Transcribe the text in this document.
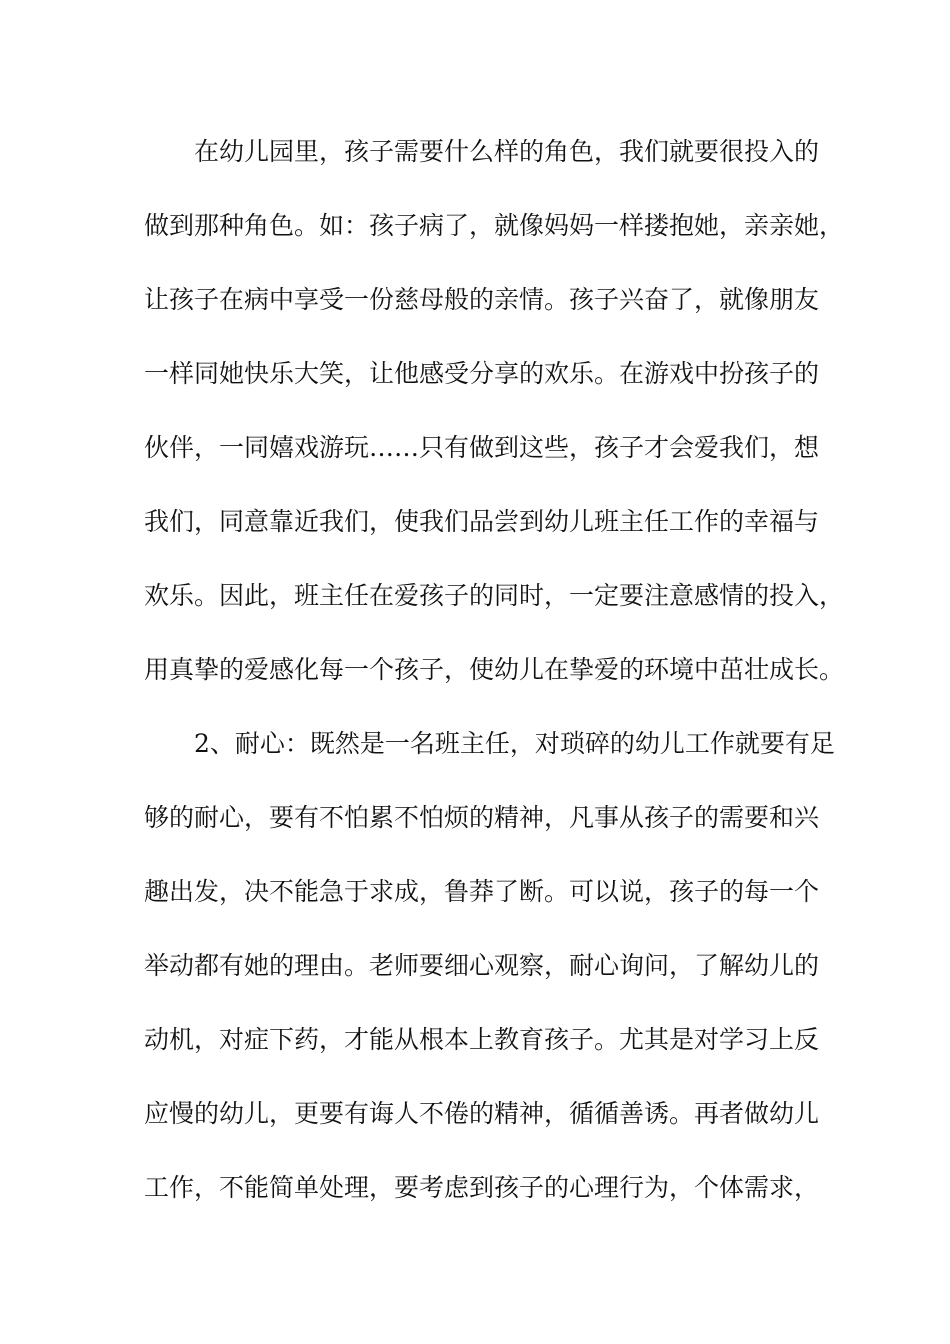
在幼儿园里，孩子需要什么样的角色，我们就要很投入的
做到那种角色。如：孩子病了，就像妈妈一样搂抱她，亲亲她，
让孩子在病中享受一份慈母般的亲情。孩子兴奋了，就像朋友
一样同她快乐大笑，让他感受分享的欢乐。在游戏中扮孩子的
伙伴，一同嬉戏游玩……只有做到这些，孩子才会爱我们，想
我们，同意靠近我们，使我们品尝到幼儿班主任工作的幸福与
欢乐。因此，班主任在爱孩子的同时，一定要注意感情的投入，
用真挚的爱感化每一个孩子，使幼儿在挚爱的环境中茁壮成长。
2、耐心：既然是一名班主任，对琐碎的幼儿工作就要有足
够的耐心，要有不怕累不怕烦的精神，凡事从孩子的需要和兴
趣出发，决不能急于求成，鲁莽了断。可以说，孩子的每一个
举动都有她的理由。老师要细心观察，耐心询问，了解幼儿的
动机，对症下药，才能从根本上教育孩子。尤其是对学习上反
应慢的幼儿，更要有诲人不倦的精神，循循善诱。再者做幼儿
工作，不能简单处理，要考虑到孩子的心理行为，个体需求，
